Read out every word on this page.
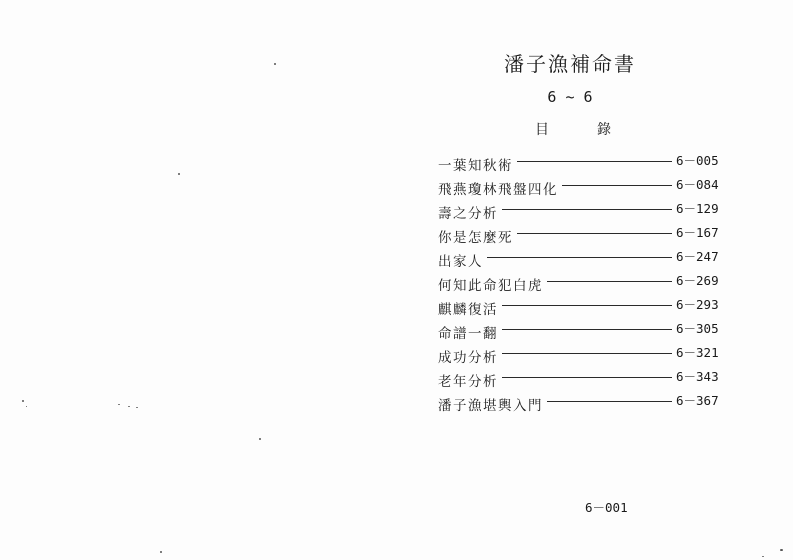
潘子漁補命書
6 ~ 6
目	錄
一葉知秋術	6－005
飛燕瓊林飛盤四化	6－084
壽之分析	6－129
你是怎麼死	6－167
出家人	6－247
何知此命犯白虎	6－269
麒麟復活	6－293
命譜一翻	6－305
成功分析	6－321
老年分析	6－343
潘子漁堪輿入門	6－367
6－001
